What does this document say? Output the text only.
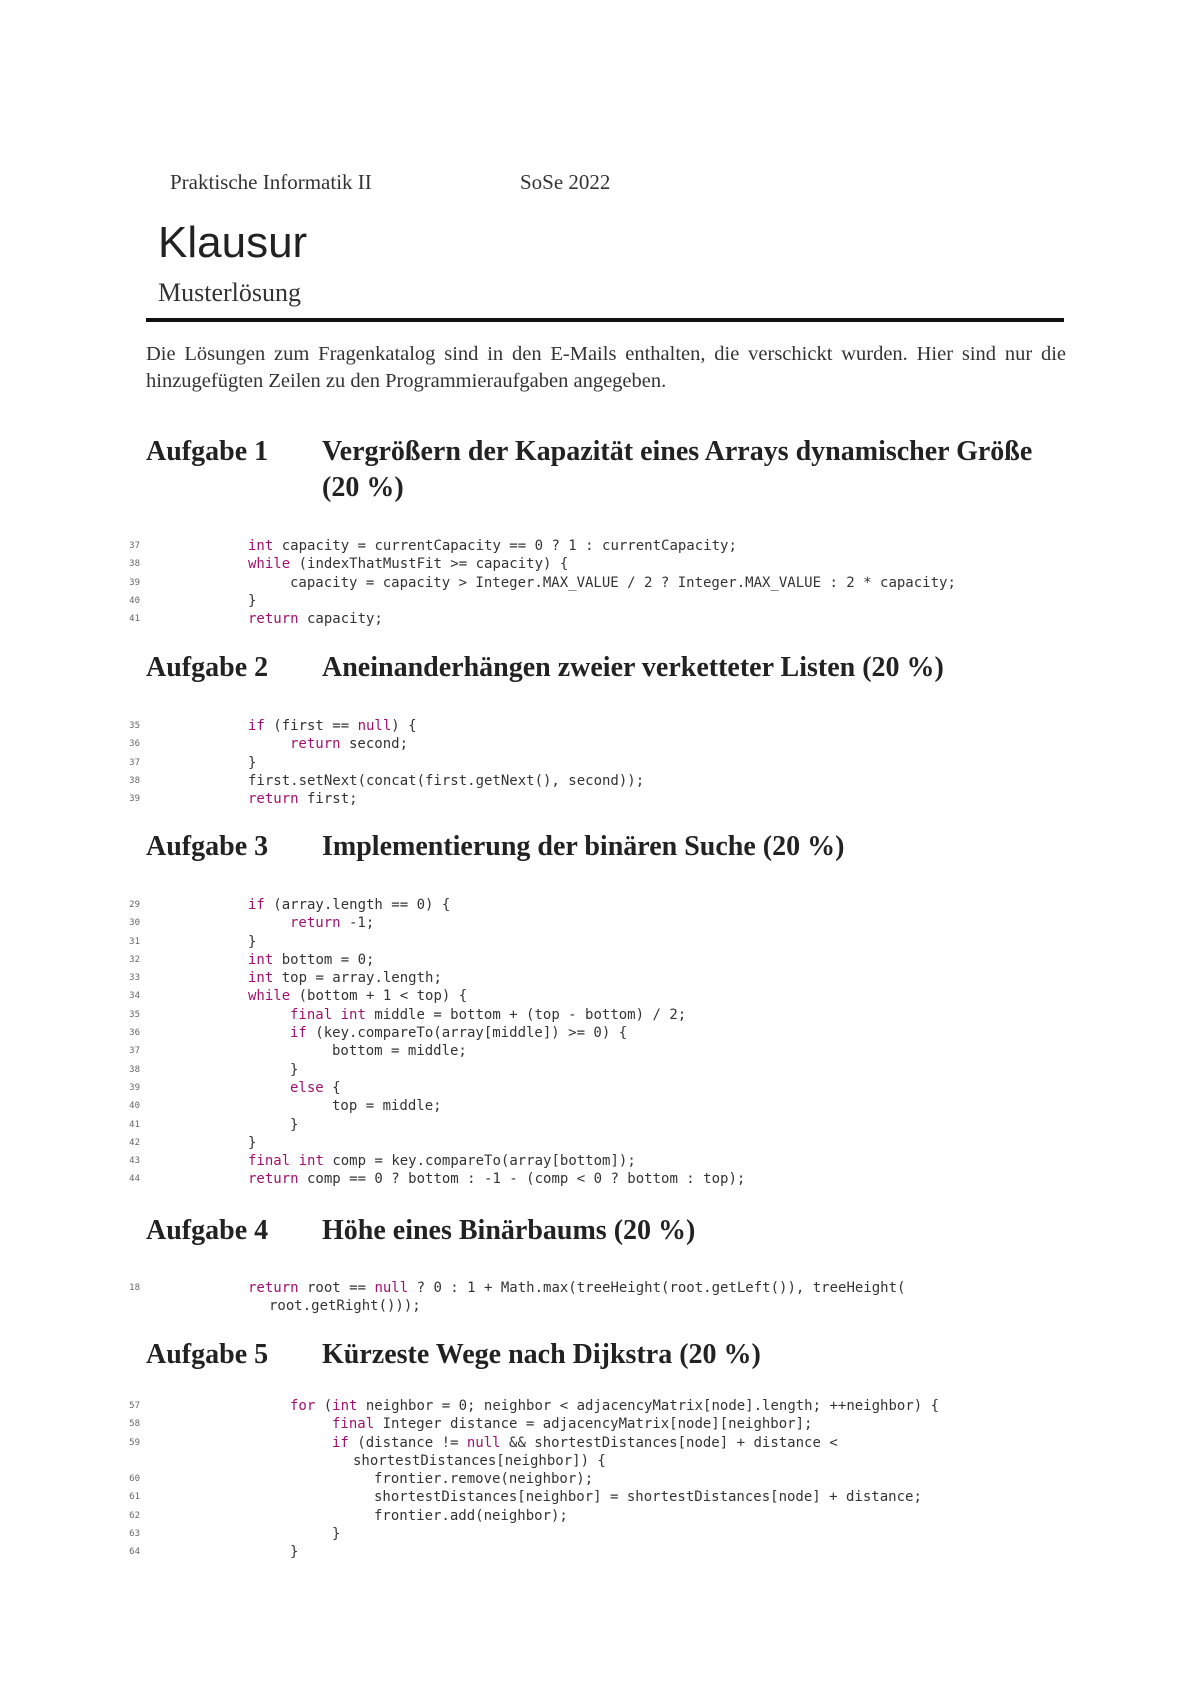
Praktische Informatik II	SoSe 2022
Klausur
Musterlösung

Die Lösungen zum Fragenkatalog sind in den E-Mails enthalten, die verschickt wurden. Hier sind nur die hinzugefügten Zeilen zu den Programmieraufgaben angegeben.

Aufgabe 1	Vergrößern der Kapazität eines Arrays dynamischer Größe (20 %)
37	int capacity = currentCapacity == 0 ? 1 : currentCapacity;
38	while (indexThatMustFit >= capacity) {
39	capacity = capacity > Integer.MAX_VALUE / 2 ? Integer.MAX_VALUE : 2 * capacity;
40	}
41	return capacity;
Aufgabe 2	Aneinanderhängen zweier verketteter Listen (20 %)
35	if (first == null) {
36	return second;
37	}
38	first.setNext(concat(first.getNext(), second));
39	return first;
Aufgabe 3	Implementierung der binären Suche (20 %)
29	if (array.length == 0) {
30	return -1;
31	}
32	int bottom = 0;
33	int top = array.length;
34	while (bottom + 1 < top) {
35	final int middle = bottom + (top - bottom) / 2;
36	if (key.compareTo(array[middle]) >= 0) {
37	bottom = middle;
38	}
39	else {
40	top = middle;
41	}
42	}
43	final int comp = key.compareTo(array[bottom]);
44	return comp == 0 ? bottom : -1 - (comp < 0 ? bottom : top);
Aufgabe 4	Höhe eines Binärbaums (20 %)
18	return root == null ? 0 : 1 + Math.max(treeHeight(root.getLeft()), treeHeight(
root.getRight()));
Aufgabe 5	Kürzeste Wege nach Dijkstra (20 %)
57	for (int neighbor = 0; neighbor < adjacencyMatrix[node].length; ++neighbor) {
58	final Integer distance = adjacencyMatrix[node][neighbor];
59	if (distance != null && shortestDistances[node] + distance <
shortestDistances[neighbor]) {
60	frontier.remove(neighbor);
61	shortestDistances[neighbor] = shortestDistances[node] + distance;
62	frontier.add(neighbor);
63	}
64	}
